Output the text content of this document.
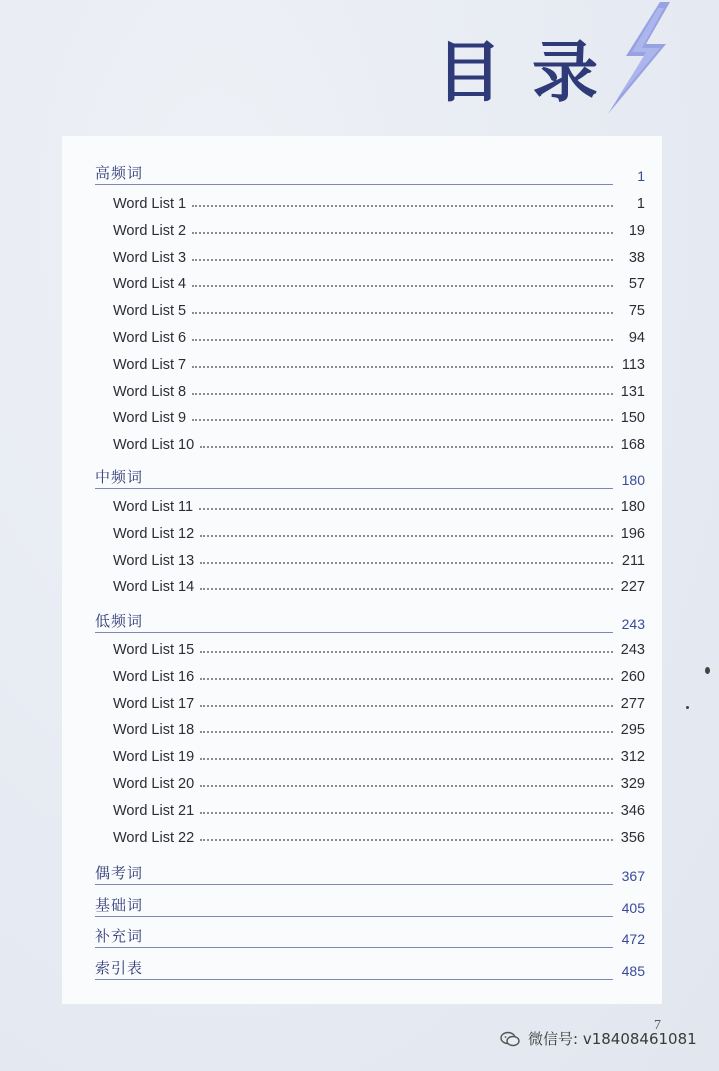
目录
高频词	1
Word List 1	1
Word List 2	19
Word List 3	38
Word List 4	57
Word List 5	75
Word List 6	94
Word List 7	113
Word List 8	131
Word List 9	150
Word List 10	168
中频词	180
Word List 11	180
Word List 12	196
Word List 13	211
Word List 14	227
低频词	243
Word List 15	243
Word List 16	260
Word List 17	277
Word List 18	295
Word List 19	312
Word List 20	329
Word List 21	346
Word List 22	356
偶考词	367
基础词	405
补充词	472
索引表	485
7
微信号: v18408461081
